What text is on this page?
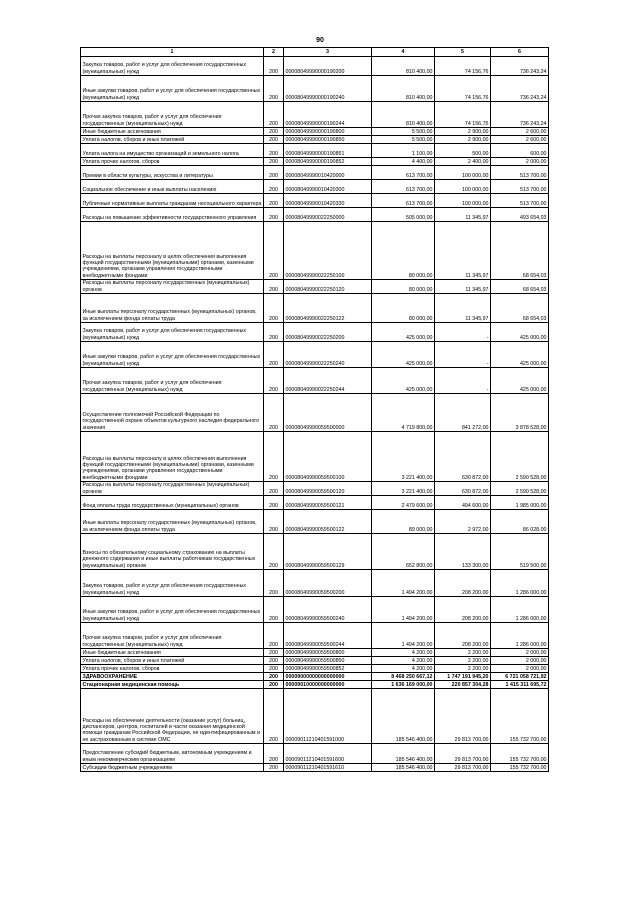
90
1	2	3	4	5	6
Закупка товаров, работ и услуг для обеспечения государственных (муниципальных) нужд	200	00008049990000190200	810 400,00	74 156,76	736 243,24
Иные закупки товаров, работ и услуг для обеспечения государственных (муниципальных) нужд	200	00008049990000190240	810 400,00	74 156,76	736 243,24
Прочая закупка товаров, работ и услуг для обеспечения государственных (муниципальных) нужд	200	00008049990000190244	810 400,00	74 156,76	736 243,24
Иные бюджетные ассигнования	200	00008049990000190800	5 500,00	2 900,00	2 600,00
Уплата налогов, сборов и иных платежей	200	00008049990000190850	5 500,00	2 900,00	2 600,00
Уплата налога на имущество организаций и земельного налога	200	00008049990000190851	1 100,00	500,00	600,00
Уплата прочих налогов, сборов	200	00008049990000190852	4 400,00	2 400,00	2 000,00
Премии в области культуры, искусства и литературы	200	00008049990010420000	613 700,00	100 000,00	513 700,00
Социальное обеспечение и иные выплаты населению	200	00008049990010420300	613 700,00	100 000,00	513 700,00
Публичные нормативные выплаты гражданам несоциального характера	200	00008049990010420330	613 700,00	100 000,00	513 700,00
Расходы на повышение эффективности государственного управления	200	00008049990022250000	505 000,00	11 345,97	493 654,03
Расходы на выплаты персоналу в целях обеспечения выполнения функций государственными (муниципальными) органами, казенными учреждениями, органами управления государственными внебюджетными фондами	200	00008049990022250100	80 000,00	11 345,97	68 654,03
Расходы на выплаты персоналу государственных (муниципальных) органов	200	00008049990022250120	80 000,00	11 345,97	68 654,03
Иные выплаты персоналу государственных (муниципальных) органов, за исключением фонда оплаты труда	200	00008049990022250122	80 000,00	11 345,97	68 654,03
Закупка товаров, работ и услуг для обеспечения государственных (муниципальных) нужд	200	00008049990022250200	425 000,00	-	425 000,00
Иные закупки товаров, работ и услуг для обеспечения государственных (муниципальных) нужд	200	00008049990022250240	425 000,00	-	425 000,00
Прочая закупка товаров, работ и услуг для обеспечения государственных (муниципальных) нужд	200	00008049990022250244	425 000,00	-	425 000,00
Осуществление полномочий Российской Федерации по государственной охране объектов культурного наследия федерального значения	200	00008049990059500000	4 719 800,00	841 272,00	3 878 528,00
Расходы на выплаты персоналу в целях обеспечения выполнения функций государственными (муниципальными) органами, казенными учреждениями, органами управления государственными внебюджетными фондами	200	00008049990059500100	3 221 400,00	630 872,00	2 590 528,00
Расходы на выплаты персоналу государственных (муниципальных) органов	200	00008049990059500120	3 221 400,00	630 872,00	2 590 528,00
Фонд оплаты труда государственных (муниципальных) органов	200	00008049990059500121	2 479 600,00	494 600,00	1 985 000,00
Иные выплаты персоналу государственных (муниципальных) органов, за исключением фонда оплаты труда	200	00008049990059500122	89 000,00	2 972,00	86 028,00
Взносы по обязательному социальному страхованию на выплаты денежного содержания и иные выплаты работникам государственных (муниципальных) органов	200	00008049990059500129	652 800,00	133 300,00	519 500,00
Закупка товаров, работ и услуг для обеспечения государственных (муниципальных) нужд	200	00008049990059500200	1 494 200,00	208 200,00	1 286 000,00
Иные закупки товаров, работ и услуг для обеспечения государственных (муниципальных) нужд	200	00008049990059500240	1 494 200,00	208 200,00	1 286 000,00
Прочая закупка товаров, работ и услуг для обеспечения государственных (муниципальных) нужд	200	00008049990059500244	1 494 200,00	208 200,00	1 286 000,00
Иные бюджетные ассигнования	200	00008049990059500800	4 200,00	2 200,00	2 000,00
Уплата налогов, сборов и иных платежей	200	00008049990059500850	4 200,00	2 200,00	2 000,00
Уплата прочих налогов, сборов	200	00008049990059500852	4 200,00	2 200,00	2 000,00
ЗДРАВООХРАНЕНИЕ	200	00009000000000000000	8 468 250 667,12	1 747 191 945,20	6 721 058 721,92
Стационарная медицинская помощь	200	00009010000000000000	1 636 169 000,00	220 857 304,28	1 415 311 695,72
Расходы на обеспечение деятельности (оказание услуг) больниц, диспансеров, центров, госпиталей в части оказания медицинской помощи гражданам Российской Федерации, не идентифицированным и не застрахованным в системе ОМС	200	00009011210401591000	185 546 400,00	29 813 700,00	155 732 700,00
Предоставление субсидий бюджетным, автономным учреждениям и иным некоммерческим организациям	200	00009011210401591600	185 546 400,00	29 813 700,00	155 732 700,00
Субсидии бюджетным учреждениям	200	00009011210401591610	185 546 400,00	29 813 700,00	155 732 700,00
